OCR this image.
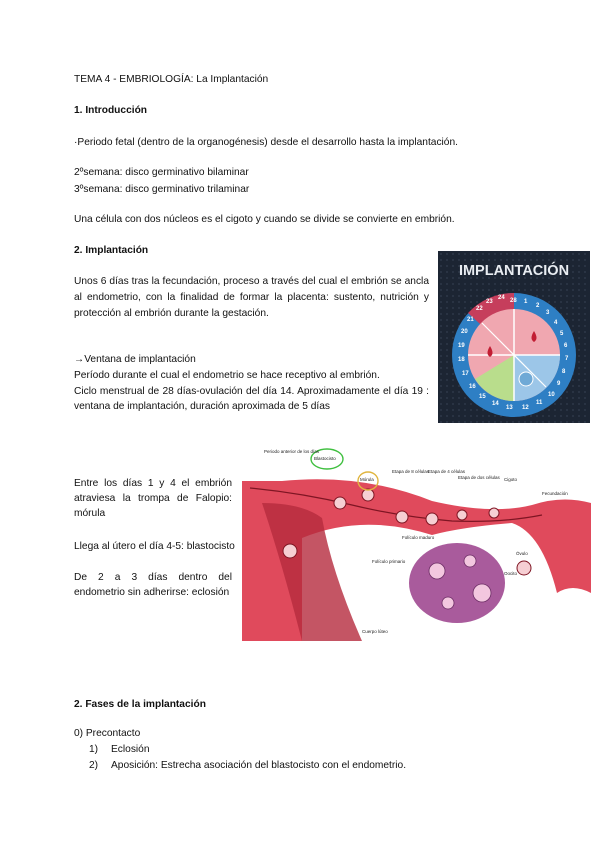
TEMA 4 - EMBRIOLOGÍA: La Implantación
1. Introducción
·Periodo fetal (dentro de la organogénesis) desde el desarrollo hasta la implantación.
2ºsemana: disco germinativo bilaminar
3ºsemana: disco germinativo trilaminar
Una célula con dos núcleos es el cigoto y cuando se divide se convierte en embrión.
2. Implantación
Unos 6 días tras la fecundación, proceso a través del cual el embrión se ancla al endometrio, con la finalidad de formar la placenta: sustento, nutrición y protección al embrión durante la gestación.
→Ventana de implantación
Período durante el cual el endometrio se hace receptivo al embrión.
Ciclo menstrual de 28 días-ovulación del día 14. Aproximadamente el día 19 : ventana de implantación, duración aproximada de 5 días
Entre los días 1 y 4 el embrión atraviesa la trompa de Falopio: mórula
Llega al útero el día 4-5: blastocisto
De 2 a 3 días dentro del endometrio sin adherirse: eclosión
IMPLANTACIÓN
28 1
2
3
4
5
6
7
8
9
10
11
12
13
14
15
16
17
18
19
20
21
22
23
24
Periodo anterior de los días
Blastocisto
Mórula
Etapa de 8 células
Etapa de 4 células
Etapa de dos células Cigoto
Fecundación
Óvulo
Oocito
Folículo maduro
Cuerpo lúteo
Folículo primario
2. Fases de la implantación
0) Precontacto
1) Eclosión
2) Aposición: Estrecha asociación del blastocisto con el endometrio.
